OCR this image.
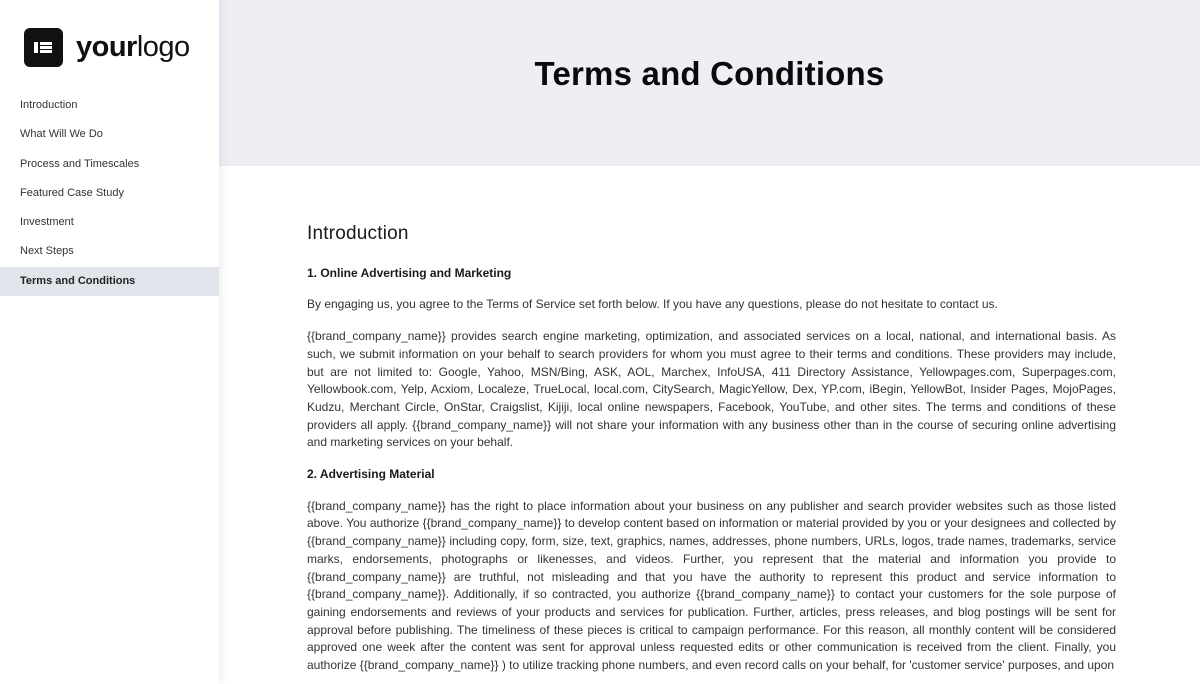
yourlogo
Introduction
What Will We Do
Process and Timescales
Featured Case Study
Investment
Next Steps
Terms and Conditions
Terms and Conditions
Introduction
1. Online Advertising and Marketing

By engaging us, you agree to the Terms of Service set forth below. If you have any questions, please do not hesitate to contact us.

{{brand_company_name}} provides search engine marketing, optimization, and associated services on a local, national, and international basis. As such, we submit information on your behalf to search providers for whom you must agree to their terms and conditions. These providers may include, but are not limited to: Google, Yahoo, MSN/Bing, ASK, AOL, Marchex, InfoUSA, 411 Directory Assistance, Yellowpages.com, Superpages.com, Yellowbook.com, Yelp, Acxiom, Localeze, TrueLocal, local.com, CitySearch, MagicYellow, Dex, YP.com, iBegin, YellowBot, Insider Pages, MojoPages, Kudzu, Merchant Circle, OnStar, Craigslist, Kijiji, local online newspapers, Facebook, YouTube, and other sites. The terms and conditions of these providers all apply. {{brand_company_name}} will not share your information with any business other than in the course of securing online advertising and marketing services on your behalf.

2. Advertising Material

{{brand_company_name}} has the right to place information about your business on any publisher and search provider websites such as those listed above. You authorize {{brand_company_name}} to develop content based on information or material provided by you or your designees and collected by {{brand_company_name}} including copy, form, size, text, graphics, names, addresses, phone numbers, URLs, logos, trade names, trademarks, service marks, endorsements, photographs or likenesses, and videos. Further, you represent that the material and information you provide to {{brand_company_name}} are truthful, not misleading and that you have the authority to represent this product and service information to {{brand_company_name}}. Additionally, if so contracted, you authorize {{brand_company_name}} to contact your customers for the sole purpose of gaining endorsements and reviews of your products and services for publication. Further, articles, press releases, and blog postings will be sent for approval before publishing. The timeliness of these pieces is critical to campaign performance. For this reason, all monthly content will be considered approved one week after the content was sent for approval unless requested edits or other communication is received from the client. Finally, you authorize {{brand_company_name}} ) to utilize tracking phone numbers, and even record calls on your behalf, for 'customer service' purposes, and upon
